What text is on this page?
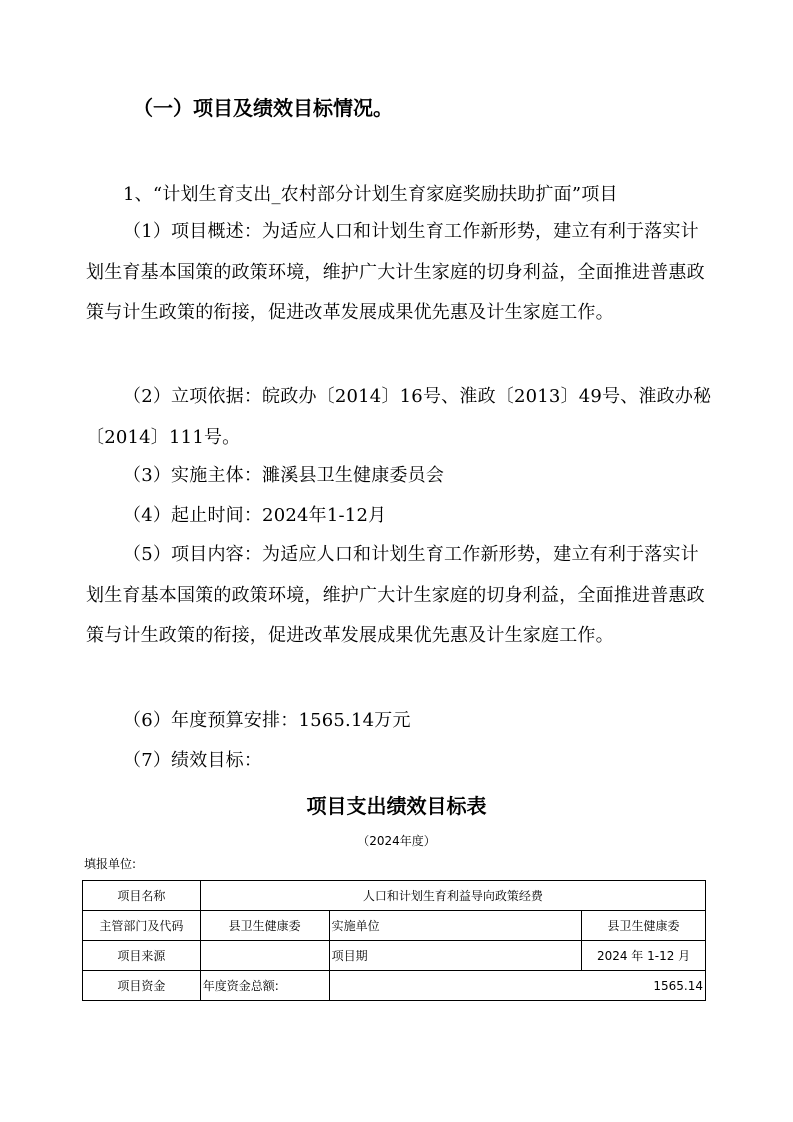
（一）项目及绩效目标情况。
1、“计划生育支出_农村部分计划生育家庭奖励扶助扩面”项目
（1）项目概述：为适应人口和计划生育工作新形势，建立有利于落实计划生育基本国策的政策环境，维护广大计生家庭的切身利益，全面推进普惠政策与计生政策的衔接，促进改革发展成果优先惠及计生家庭工作。
（2）立项依据：皖政办〔2014〕16号、淮政〔2013〕49号、淮政办秘〔2014〕111号。
（3）实施主体：濉溪县卫生健康委员会
（4）起止时间：2024年1-12月
（5）项目内容：为适应人口和计划生育工作新形势，建立有利于落实计划生育基本国策的政策环境，维护广大计生家庭的切身利益，全面推进普惠政策与计生政策的衔接，促进改革发展成果优先惠及计生家庭工作。
（6）年度预算安排：1565.14万元
（7）绩效目标：
项目支出绩效目标表
（2024年度）
填报单位:
项目名称	人口和计划生育利益导向政策经费		
主管部门及代码	县卫生健康委	实施单位	县卫生健康委
项目来源		项目期	2024 年 1-12 月
项目资金	年度资金总额:	1565.14	
